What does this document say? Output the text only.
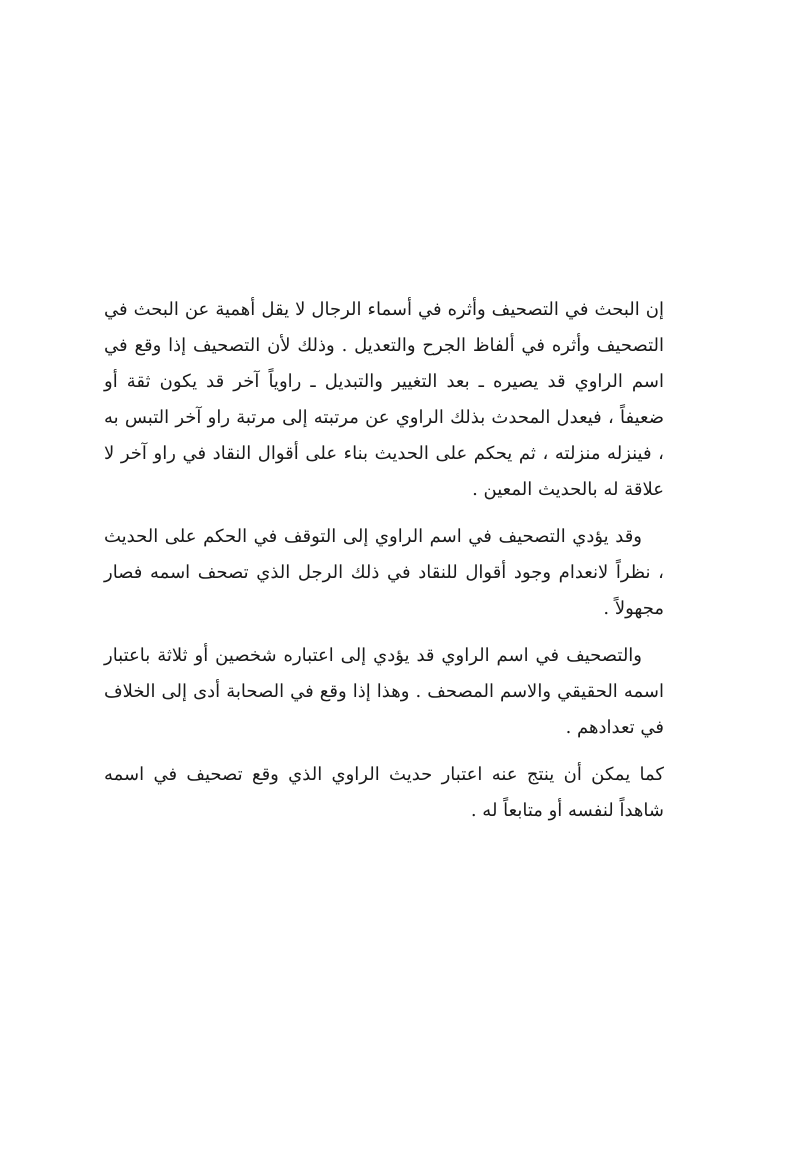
إن البحث في التصحيف وأثره في أسماء الرجال لا يقل أهمية عن البحث في التصحيف وأثره في ألفاظ الجرح والتعديل . وذلك لأن التصحيف إذا وقع في اسم الراوي قد يصيره ـ بعد التغيير والتبديل ـ راوياً آخر قد يكون ثقة أو ضعيفاً ، فيعدل المحدث بذلك الراوي عن مرتبته إلى مرتبة راو آخر التبس به ، فينزله منزلته ، ثم يحكم على الحديث بناء على أقوال النقاد في راو آخر لا علاقة له بالحديث المعين .

وقد يؤدي التصحيف في اسم الراوي إلى التوقف في الحكم على الحديث ، نظراً لانعدام وجود أقوال للنقاد في ذلك الرجل الذي تصحف اسمه فصار مجهولاً .

والتصحيف في اسم الراوي قد يؤدي إلى اعتباره شخصين أو ثلاثة باعتبار اسمه الحقيقي والاسم المصحف . وهذا إذا وقع في الصحابة أدى إلى الخلاف في تعدادهم .

كما يمكن أن ينتج عنه اعتبار حديث الراوي الذي وقع تصحيف في اسمه شاهداً لنفسه أو متابعاً له .
